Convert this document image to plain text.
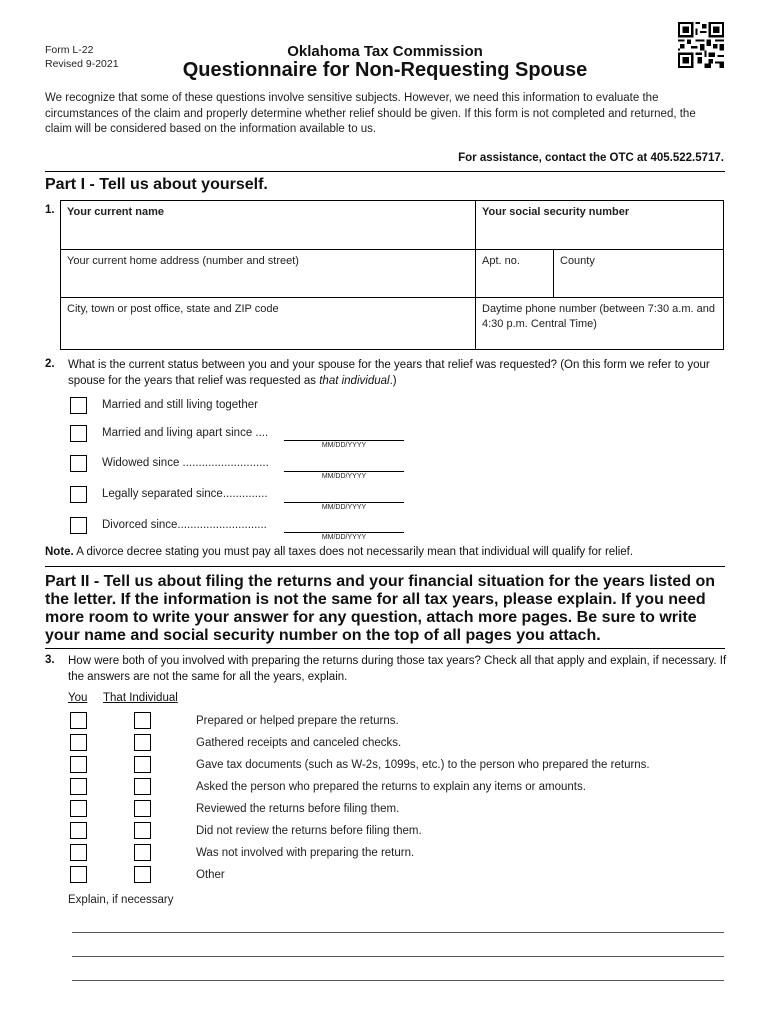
Form L-22
Revised 9-2021
Oklahoma Tax Commission
Questionnaire for Non-Requesting Spouse
We recognize that some of these questions involve sensitive subjects. However, we need this information to evaluate the circumstances of the claim and properly determine whether relief should be given. If this form is not completed and returned, the claim will be considered based on the information available to us.
For assistance, contact the OTC at 405.522.5717.
Part I - Tell us about yourself.
1.	Your current name	Your social security number
Your current home address (number and street)	Apt. no.	County
City, town or post office, state and ZIP code	Daytime phone number (between 7:30 a.m. and 4:30 p.m. Central Time)
2. What is the current status between you and your spouse for the years that relief was requested? (On this form we refer to your spouse for the years that relief was requested as that individual.)
Married and still living together
Married and living apart since ....
MM/DD/YYYY
Widowed since ...........................
MM/DD/YYYY
Legally separated since..............
MM/DD/YYYY
Divorced since............................
MM/DD/YYYY
Note. A divorce decree stating you must pay all taxes does not necessarily mean that individual will qualify for relief.
Part II - Tell us about filing the returns and your financial situation for the years listed on the letter. If the information is not the same for all tax years, please explain. If you need more room to write your answer for any question, attach more pages. Be sure to write your name and social security number on the top of all pages you attach.
3. How were both of you involved with preparing the returns during those tax years? Check all that apply and explain, if necessary. If the answers are not the same for all the years, explain.
You That Individual
Prepared or helped prepare the returns.
Gathered receipts and canceled checks.
Gave tax documents (such as W-2s, 1099s, etc.) to the person who prepared the returns.
Asked the person who prepared the returns to explain any items or amounts.
Reviewed the returns before filing them.
Did not review the returns before filing them.
Was not involved with preparing the return.
Other
Explain, if necessary
